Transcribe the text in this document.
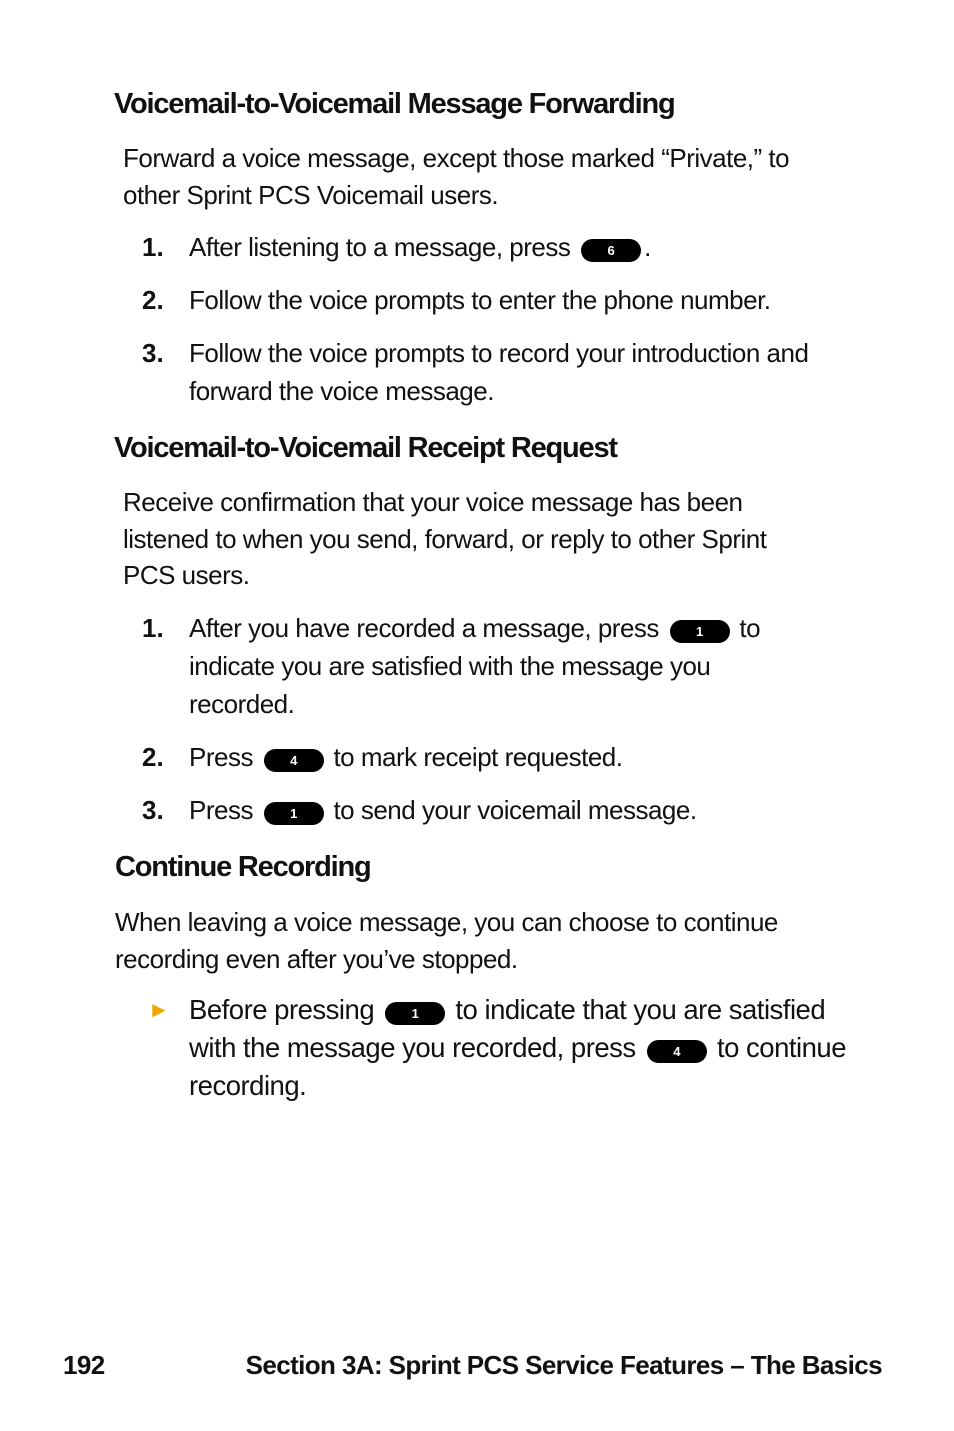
Voicemail-to-Voicemail Message Forwarding

Forward a voice message, except those marked “Private,” to other Sprint PCS Voicemail users.

1. After listening to a message, press	6 .
2. Follow the voice prompts to enter the phone number.
3. Follow the voice prompts to record your introduction and forward the voice message.
Voicemail-to-Voicemail Receipt Request

Receive confirmation that your voice message has been listened to when you send, forward, or reply to other Sprint PCS users.

1. After you have recorded a message, press	1 to indicate you are satisfied with the message you recorded.
2. Press	4 to mark receipt requested.
3. Press	1 to send your voicemail message.
Continue Recording

When leaving a voice message, you can choose to continue recording even after you’ve stopped.

► Before pressing	1 to indicate that you are satisfied with the message you recorded, press	4 to continue recording.
192	Section 3A: Sprint PCS Service Features – The Basics
